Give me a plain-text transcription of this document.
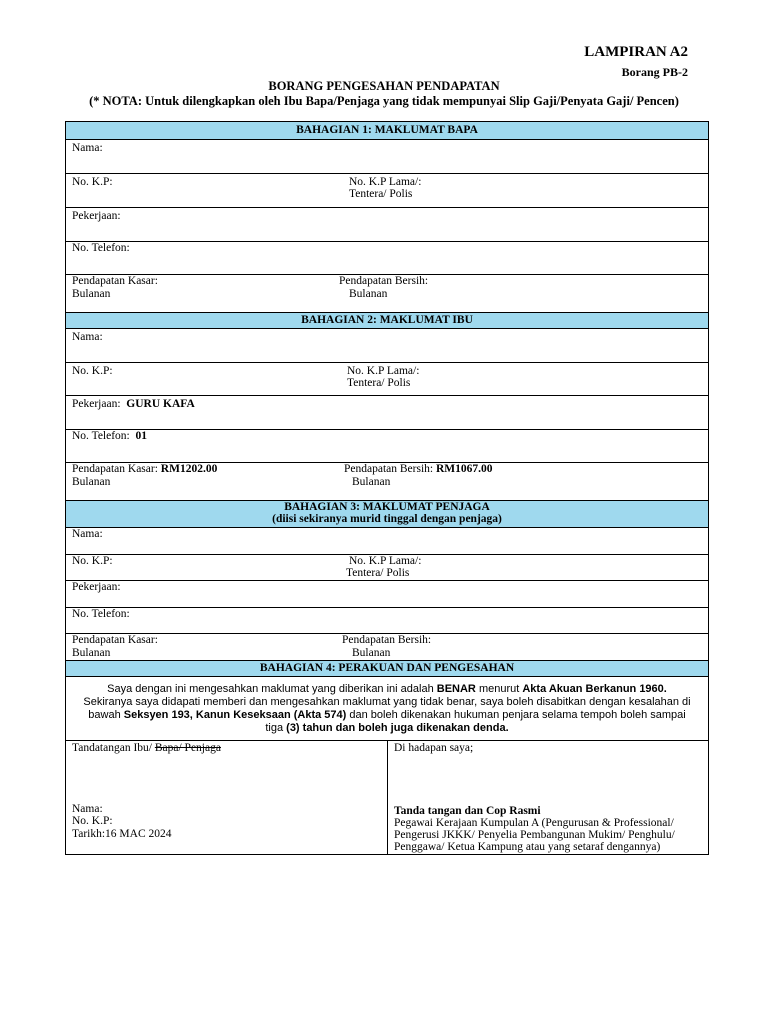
LAMPIRAN A2
Borang PB-2
BORANG PENGESAHAN PENDAPATAN
(* NOTA: Untuk dilengkapkan oleh Ibu Bapa/Penjaga yang tidak mempunyai Slip Gaji/Penyata Gaji/ Pencen)
BAHAGIAN 1: MAKLUMAT BAPA
Nama:
No. K.P:	No. K.P Lama/:
Tentera/ Polis
Pekerjaan:
No. Telefon:
Pendapatan Kasar:
Bulanan
Pendapatan Bersih:
Bulanan
BAHAGIAN 2: MAKLUMAT IBU
Nama:
No. K.P:	No. K.P Lama/:
Tentera/ Polis
Pekerjaan: GURU KAFA
No. Telefon: 01
Pendapatan Kasar: RM1202.00
Bulanan
Pendapatan Bersih: RM1067.00
Bulanan
BAHAGIAN 3: MAKLUMAT PENJAGA
(diisi sekiranya murid tinggal dengan penjaga)
Nama:
No. K.P:	No. K.P Lama/:
Tentera/ Polis
Pekerjaan:
No. Telefon:
Pendapatan Kasar:
Bulanan
Pendapatan Bersih:
Bulanan
BAHAGIAN 4: PERAKUAN DAN PENGESAHAN
Saya dengan ini mengesahkan maklumat yang diberikan ini adalah BENAR menurut Akta Akuan Berkanun 1960. Sekiranya saya didapati memberi dan mengesahkan maklumat yang tidak benar, saya boleh disabitkan dengan kesalahan di bawah Seksyen 193, Kanun Keseksaan (Akta 574) dan boleh dikenakan hukuman penjara selama tempoh boleh sampai tiga (3) tahun dan boleh juga dikenakan denda.
Tandatangan Ibu/ Bapa/ Penjaga
Nama:
No. K.P:
Tarikh:16 MAC 2024
Di hadapan saya;
Tanda tangan dan Cop Rasmi
Pegawai Kerajaan Kumpulan A (Pengurusan & Professional/
Pengerusi JKKK/ Penyelia Pembangunan Mukim/ Penghulu/
Penggawa/ Ketua Kampung atau yang setaraf dengannya)
